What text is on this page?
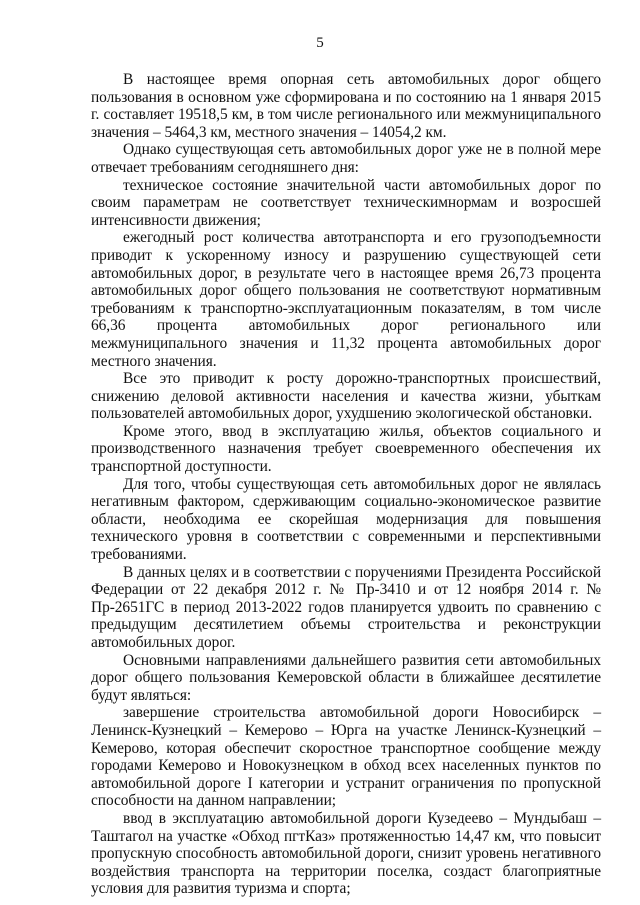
5

В настоящее время опорная сеть автомобильных дорог общего пользования в основном уже сформирована и по состоянию на 1 января 2015 г. составляет 19518,5 км, в том числе регионального или межмуниципального значения – 5464,3 км, местного значения – 14054,2 км.

Однако существующая сеть автомобильных дорог уже не в полной мере отвечает требованиям сегодняшнего дня:

техническое состояние значительной части автомобильных дорог по своим параметрам не соответствует техническимнормам и возросшей интенсивности движения;

ежегодный рост количества автотранспорта и его грузоподъемности приводит к ускоренному износу и разрушению существующей сети автомобильных дорог, в результате чего в настоящее время 26,73 процента автомобильных дорог общего пользования не соответствуют нормативным требованиям к транспортно-эксплуатационным показателям, в том числе 66,36 процента автомобильных дорог регионального или межмуниципального значения и 11,32 процента автомобильных дорог местного значения.

Все это приводит к росту дорожно-транспортных происшествий, снижению деловой активности населения и качества жизни, убыткам пользователей автомобильных дорог, ухудшению экологической обстановки.

Кроме этого, ввод в эксплуатацию жилья, объектов социального и производственного назначения требует своевременного обеспечения их транспортной доступности.

Для того, чтобы существующая сеть автомобильных дорог не являлась негативным фактором, сдерживающим социально-экономическое развитие области, необходима ее скорейшая модернизация для повышения технического уровня в соответствии с современными и перспективными требованиями.

В данных целях и в соответствии с поручениями Президента Российской Федерации от 22 декабря 2012 г. № Пр-3410 и от 12 ноября 2014 г. № Пр-2651ГС в период 2013-2022 годов планируется удвоить по сравнению с предыдущим десятилетием объемы строительства и реконструкции автомобильных дорог.

Основными направлениями дальнейшего развития сети автомобильных дорог общего пользования Кемеровской области в ближайшее десятилетие будут являться:

завершение строительства автомобильной дороги Новосибирск – Ленинск-Кузнецкий – Кемерово – Юрга на участке Ленинск-Кузнецкий – Кемерово, которая обеспечит скоростное транспортное сообщение между городами Кемерово и Новокузнецком в обход всех населенных пунктов по автомобильной дороге I категории и устранит ограничения по пропускной способности на данном направлении;

ввод в эксплуатацию автомобильной дороги Кузедеево – Мундыбаш – Таштагол на участке «Обход пгтКаз» протяженностью 14,47 км, что повысит пропускную способность автомобильной дороги, снизит уровень негативного воздействия транспорта на территории поселка, создаст благоприятные условия для развития туризма и спорта;
